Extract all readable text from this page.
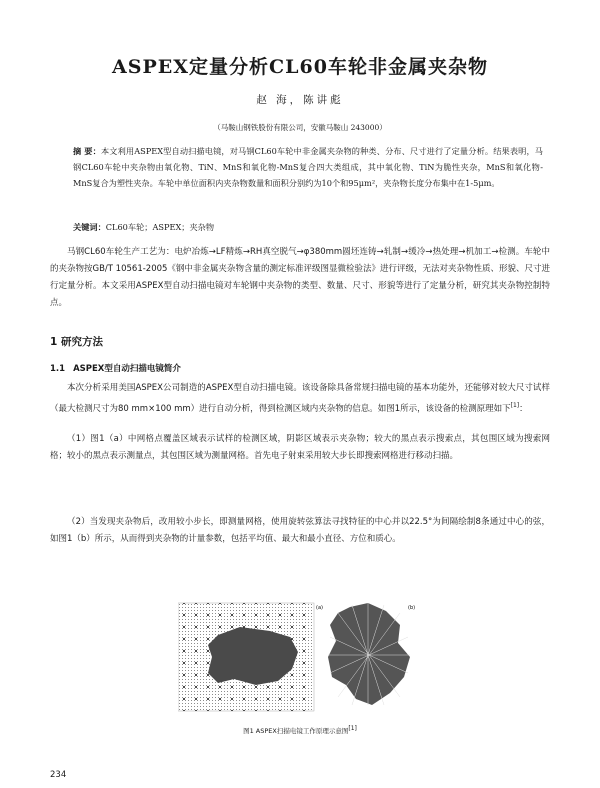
ASPEX定量分析CL60车轮非金属夹杂物
赵 海，陈讲彪
（马鞍山钢铁股份有限公司，安徽马鞍山 243000）
摘 要：本文利用ASPEX型自动扫描电镜，对马钢CL60车轮中非金属夹杂物的种类、分布、尺寸进行了定量分析。结果表明，马钢CL60车轮中夹杂物由氧化物、TiN、MnS和氧化物-MnS复合四大类组成，其中氧化物、TiN为脆性夹杂，MnS和氧化物-MnS复合为塑性夹杂。车轮中单位面积内夹杂物数量和面积分别约为10个和95μm²，夹杂物长度分布集中在1-5μm。
关键词：CL60车轮；ASPEX；夹杂物
马钢CL60车轮生产工艺为：电炉冶炼→LF精炼→RH真空脱气→φ380mm圆坯连铸→轧制→缓冷→热处理→机加工→检测。车轮中的夹杂物按GB/T 10561-2005《钢中非金属夹杂物含量的测定标准评级图显微检验法》进行评级，无法对夹杂物性质、形貌、尺寸进行定量分析。本文采用ASPEX型自动扫描电镜对车轮钢中夹杂物的类型、数量、尺寸、形貌等进行了定量分析，研究其夹杂物控制特点。
1 研究方法
1.1 ASPEX型自动扫描电镜简介
本次分析采用美国ASPEX公司制造的ASPEX型自动扫描电镜。该设备除具备常规扫描电镜的基本功能外，还能够对较大尺寸试样（最大检测尺寸为80 mm×100 mm）进行自动分析，得到检测区域内夹杂物的信息。如图1所示，该设备的检测原理如下[1]：
（1）图1（a）中网格点覆盖区域表示试样的检测区域，阴影区域表示夹杂物；较大的黑点表示搜索点，其包围区域为搜索网格；较小的黑点表示测量点，其包围区域为测量网格。首先电子射束采用较大步长即搜索网格进行移动扫描。
（2）当发现夹杂物后，改用较小步长，即测量网格，使用旋转弦算法寻找特征的中心并以22.5°为间隔绘制8条通过中心的弦，如图1（b）所示，从而得到夹杂物的计量参数，包括平均值、最大和最小直径、方位和质心。
(a)	(b)
图1 ASPEX扫描电镜工作原理示意图[1]
234
